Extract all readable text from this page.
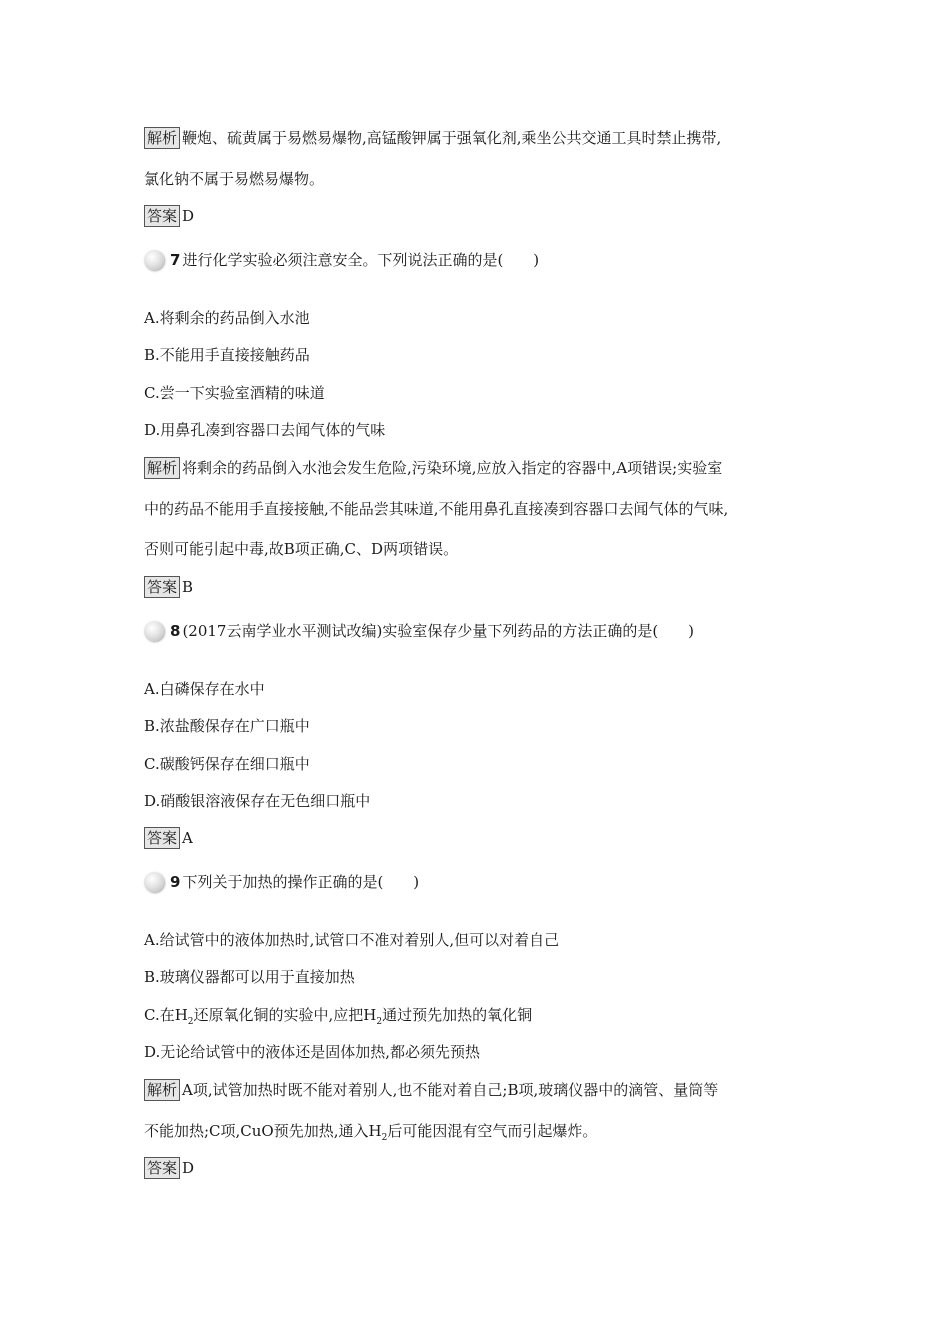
解析 鞭炮、硫黄属于易燃易爆物,高锰酸钾属于强氧化剂,乘坐公共交通工具时禁止携带,
氯化钠不属于易燃易爆物。
答案 D
7 进行化学实验必须注意安全。下列说法正确的是(　　)
A.将剩余的药品倒入水池
B.不能用手直接接触药品
C.尝一下实验室酒精的味道
D.用鼻孔凑到容器口去闻气体的气味
解析 将剩余的药品倒入水池会发生危险,污染环境,应放入指定的容器中,A项错误;实验室
中的药品不能用手直接接触,不能品尝其味道,不能用鼻孔直接凑到容器口去闻气体的气味,
否则可能引起中毒,故B项正确,C、D两项错误。
答案 B
8 (2017云南学业水平测试改编)实验室保存少量下列药品的方法正确的是(　　)
A.白磷保存在水中
B.浓盐酸保存在广口瓶中
C.碳酸钙保存在细口瓶中
D.硝酸银溶液保存在无色细口瓶中
答案 A
9 下列关于加热的操作正确的是(　　)
A.给试管中的液体加热时,试管口不准对着别人,但可以对着自己
B.玻璃仪器都可以用于直接加热
C.在$H_2$还原氧化铜的实验中,应把$H_2$通过预先加热的氧化铜
D.无论给试管中的液体还是固体加热,都必须先预热
解析 A项,试管加热时既不能对着别人,也不能对着自己;B项,玻璃仪器中的滴管、量筒等
不能加热;C项,CuO预先加热,通入$H_2$后可能因混有空气而引起爆炸。
答案 D
